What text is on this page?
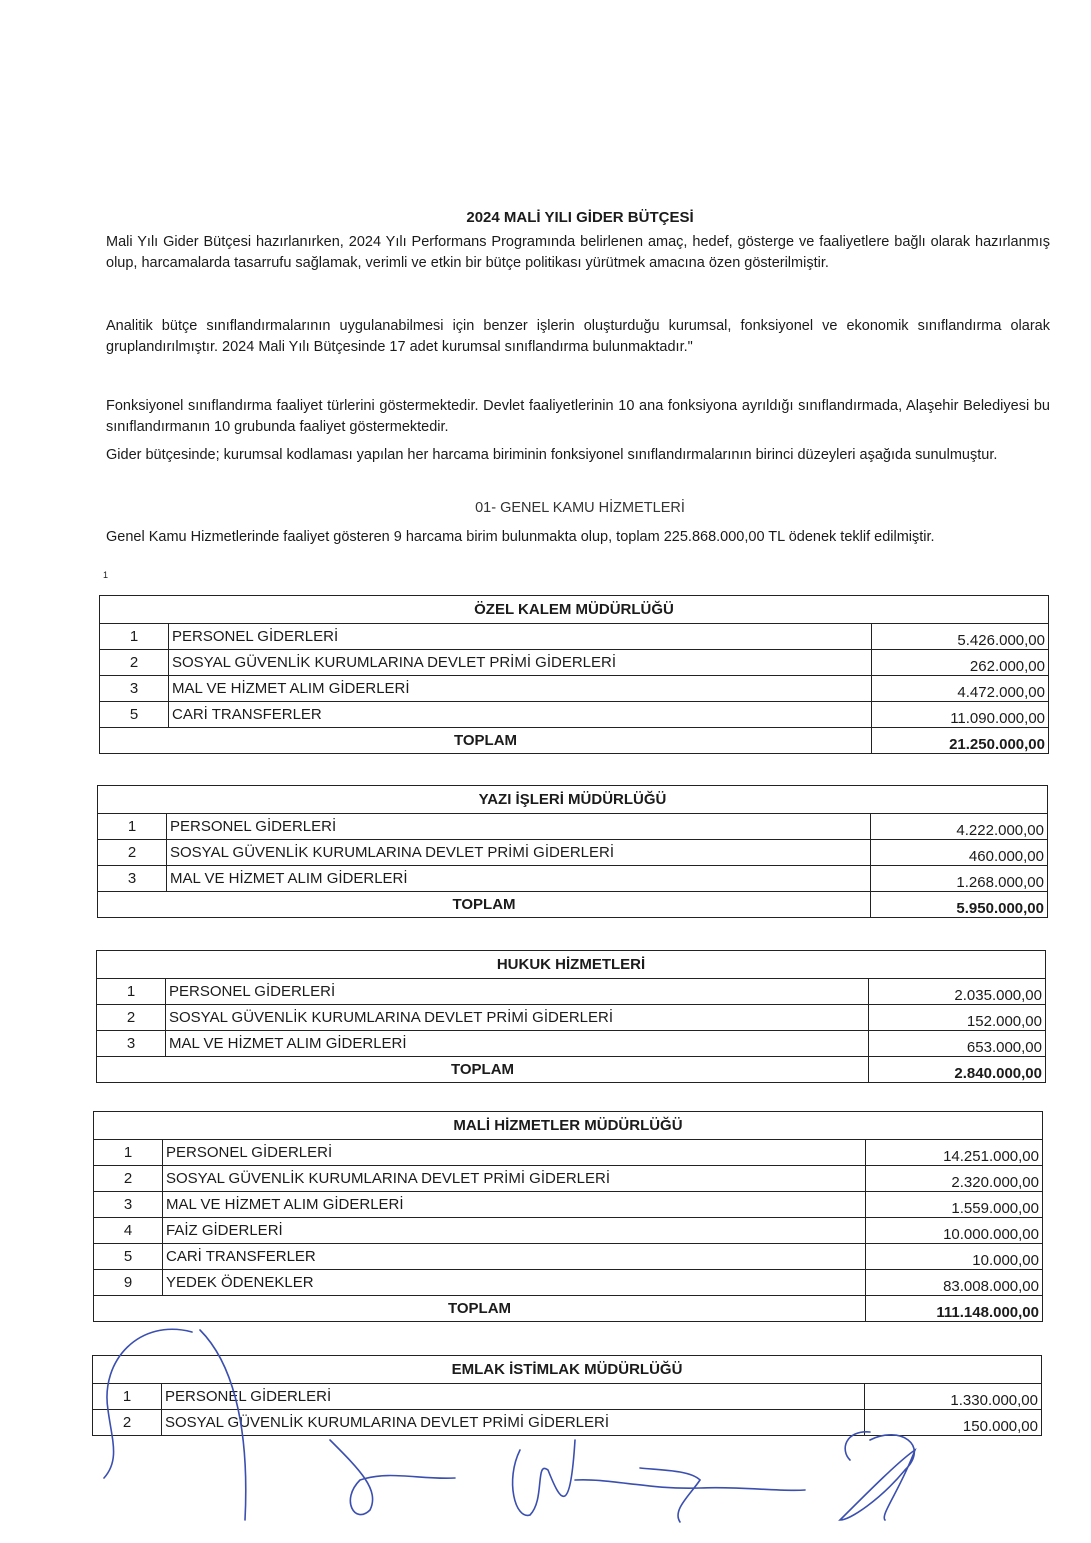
2024 MALİ YILI GİDER BÜTÇESİ
Mali Yılı Gider Bütçesi hazırlanırken, 2024 Yılı Performans Programında belirlenen amaç, hedef, gösterge ve faaliyetlere bağlı olarak hazırlanmış olup, harcamalarda tasarrufu sağlamak, verimli ve etkin bir bütçe politikası yürütmek amacına özen gösterilmiştir.
Analitik bütçe sınıflandırmalarının uygulanabilmesi için benzer işlerin oluşturduğu kurumsal, fonksiyonel ve ekonomik sınıflandırma olarak gruplandırılmıştır. 2024 Mali Yılı Bütçesinde 17 adet kurumsal sınıflandırma bulunmaktadır."
Fonksiyonel sınıflandırma faaliyet türlerini göstermektedir. Devlet faaliyetlerinin 10 ana fonksiyona ayrıldığı sınıflandırmada, Alaşehir Belediyesi bu sınıflandırmanın 10 grubunda faaliyet göstermektedir.
Gider bütçesinde; kurumsal kodlaması yapılan her harcama biriminin fonksiyonel sınıflandırmalarının birinci düzeyleri aşağıda sunulmuştur.
01- GENEL KAMU HİZMETLERİ
Genel Kamu Hizmetlerinde faaliyet gösteren 9 harcama birim bulunmakta olup, toplam 225.868.000,00 TL ödenek teklif edilmiştir.
1
ÖZEL KALEM MÜDÜRLÜĞÜ		
1	PERSONEL GİDERLERİ	5.426.000,00
2	SOSYAL GÜVENLİK KURUMLARINA DEVLET PRİMİ GİDERLERİ	262.000,00
3	MAL VE HİZMET ALIM GİDERLERİ	4.472.000,00
5	CARİ TRANSFERLER	11.090.000,00
TOPLAM		21.250.000,00
YAZI İŞLERİ MÜDÜRLÜĞÜ		
1	PERSONEL GİDERLERİ	4.222.000,00
2	SOSYAL GÜVENLİK KURUMLARINA DEVLET PRİMİ GİDERLERİ	460.000,00
3	MAL VE HİZMET ALIM GİDERLERİ	1.268.000,00
TOPLAM		5.950.000,00
HUKUK HİZMETLERİ		
1	PERSONEL GİDERLERİ	2.035.000,00
2	SOSYAL GÜVENLİK KURUMLARINA DEVLET PRİMİ GİDERLERİ	152.000,00
3	MAL VE HİZMET ALIM GİDERLERİ	653.000,00
TOPLAM		2.840.000,00
MALİ HİZMETLER MÜDÜRLÜĞÜ		
1	PERSONEL GİDERLERİ	14.251.000,00
2	SOSYAL GÜVENLİK KURUMLARINA DEVLET PRİMİ GİDERLERİ	2.320.000,00
3	MAL VE HİZMET ALIM GİDERLERİ	1.559.000,00
4	FAİZ GİDERLERİ	10.000.000,00
5	CARİ TRANSFERLER	10.000,00
9	YEDEK ÖDENEKLER	83.008.000,00
TOPLAM		111.148.000,00
EMLAK İSTİMLAK MÜDÜRLÜĞÜ		
1	PERSONEL GİDERLERİ	1.330.000,00
2	SOSYAL GÜVENLİK KURUMLARINA DEVLET PRİMİ GİDERLERİ	150.000,00
